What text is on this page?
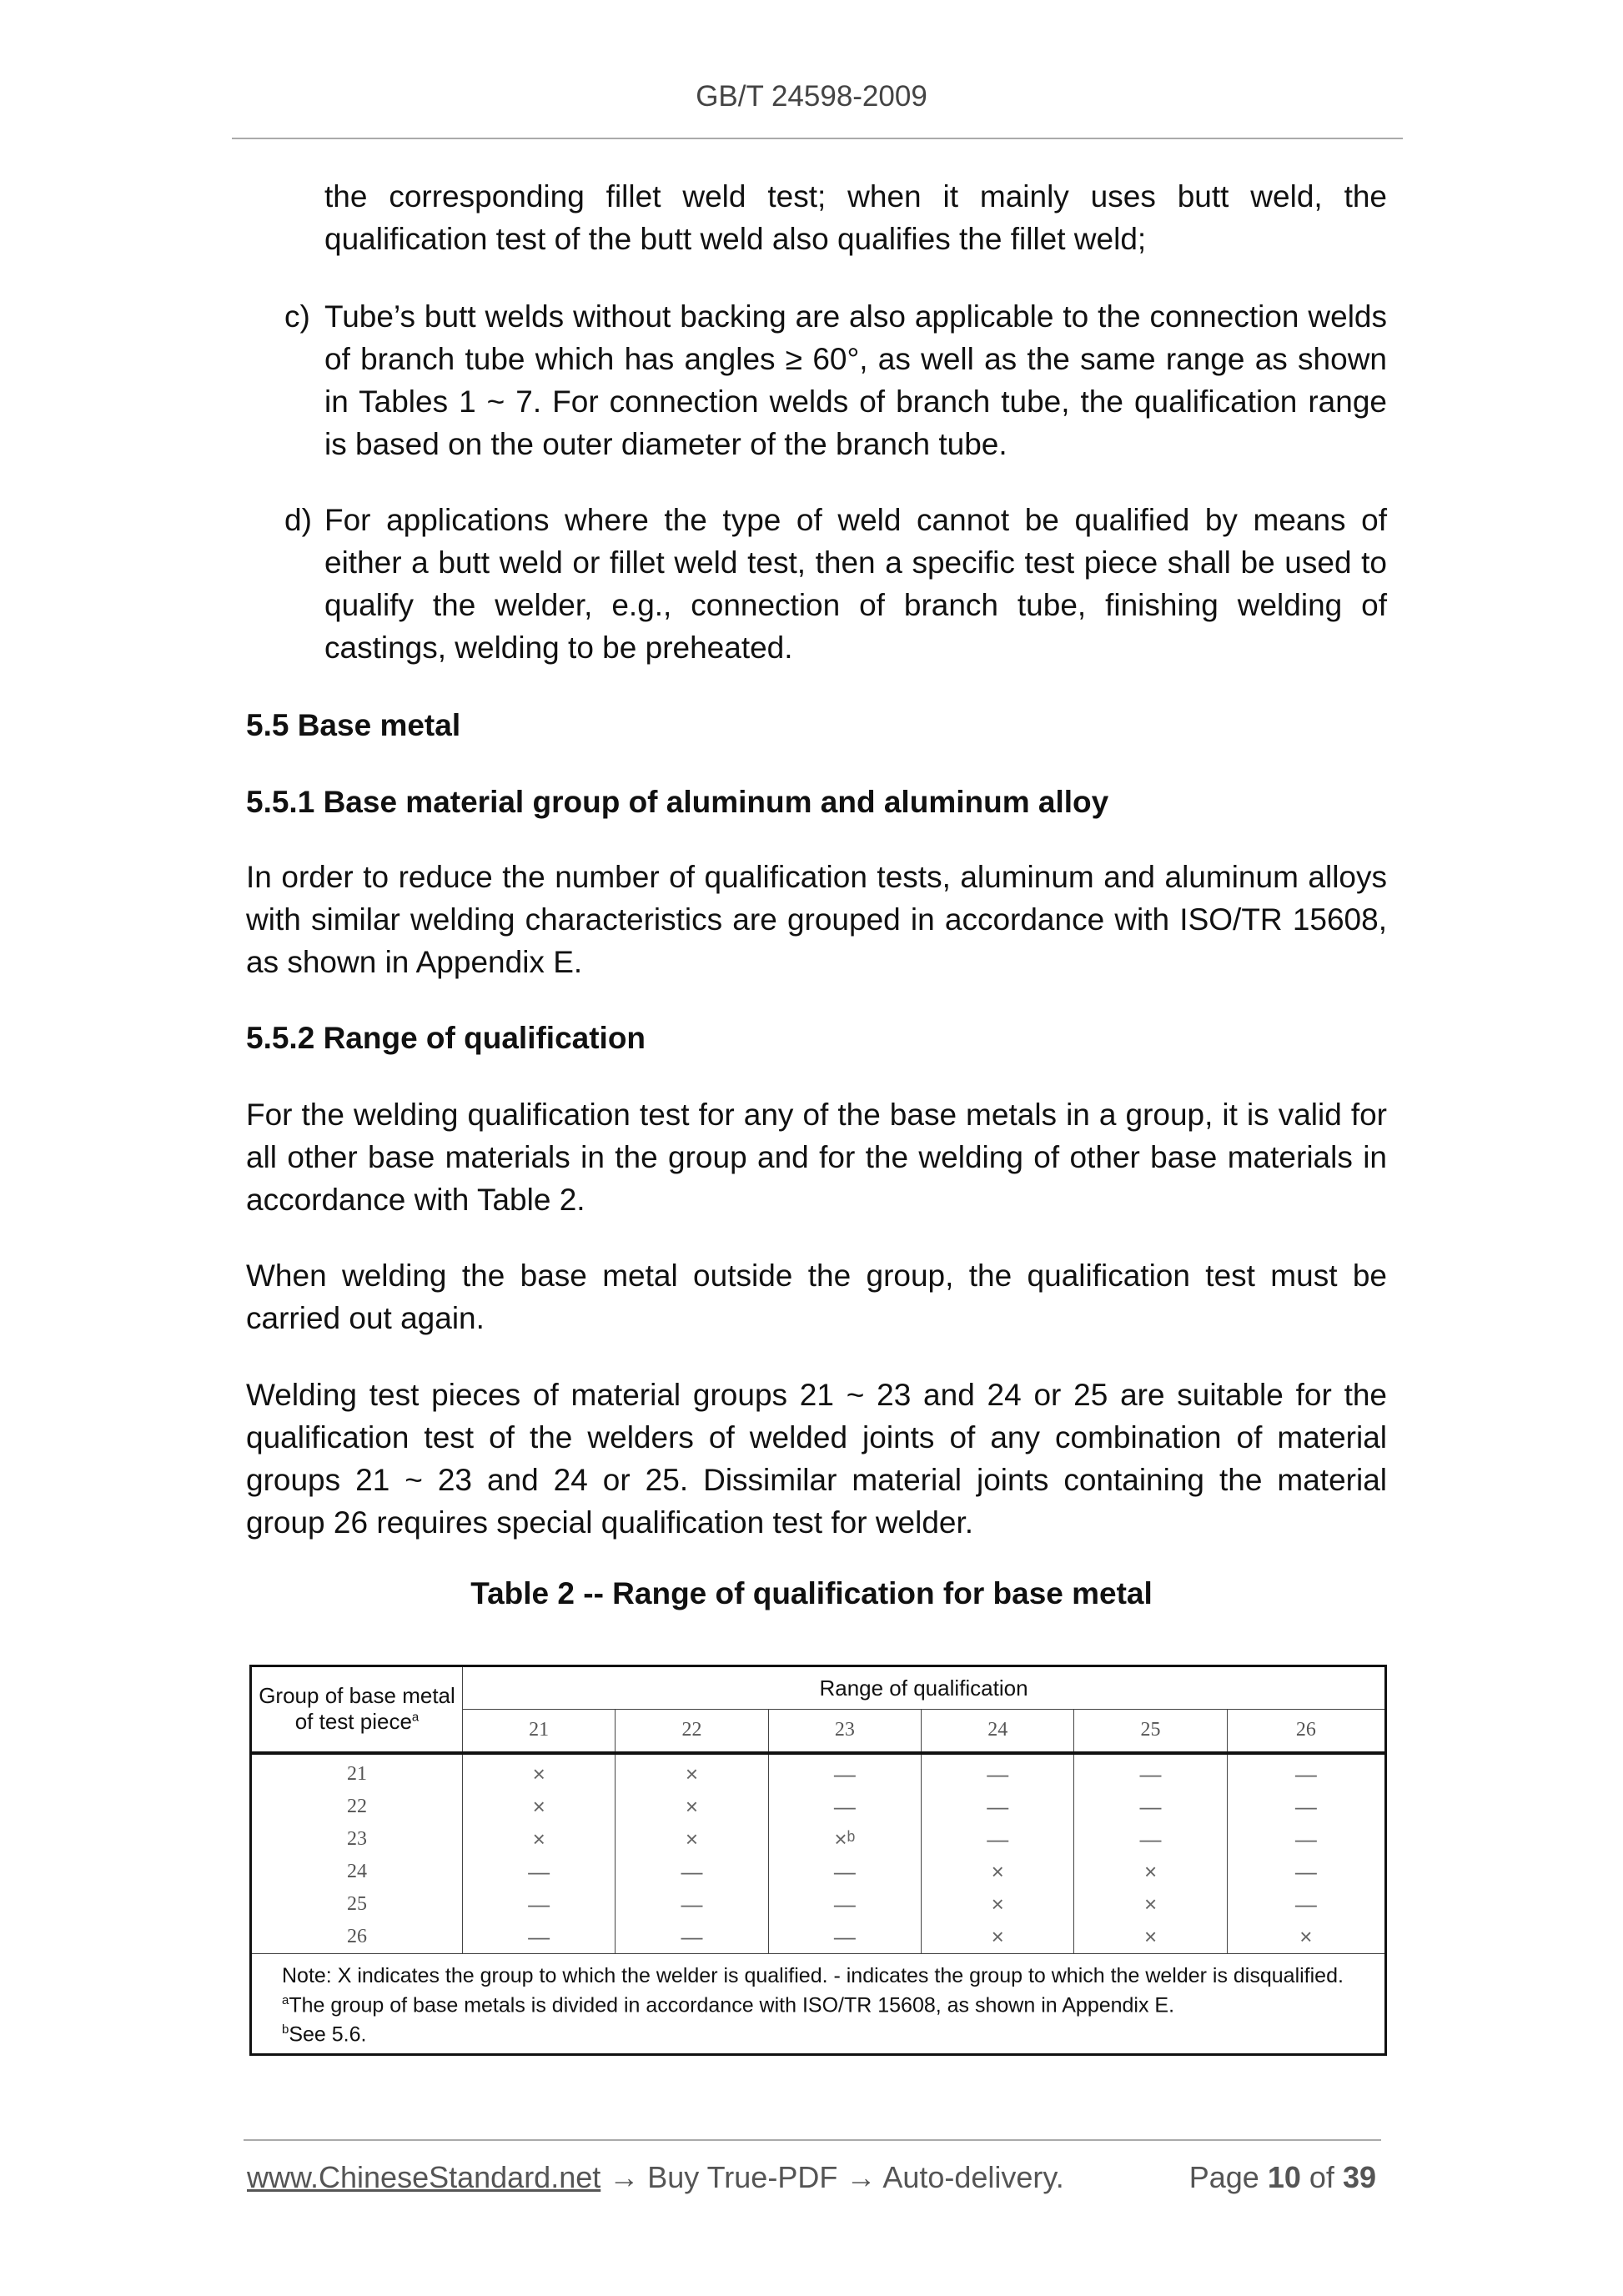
GB/T 24598-2009
the corresponding fillet weld test; when it mainly uses butt weld, the qualification test of the butt weld also qualifies the fillet weld;
c) Tube’s butt welds without backing are also applicable to the connection welds of branch tube which has angles ≥ 60°, as well as the same range as shown in Tables 1 ~ 7. For connection welds of branch tube, the qualification range is based on the outer diameter of the branch tube.
d) For applications where the type of weld cannot be qualified by means of either a butt weld or fillet weld test, then a specific test piece shall be used to qualify the welder, e.g., connection of branch tube, finishing welding of castings, welding to be preheated.
5.5 Base metal
5.5.1 Base material group of aluminum and aluminum alloy
In order to reduce the number of qualification tests, aluminum and aluminum alloys with similar welding characteristics are grouped in accordance with ISO/TR 15608, as shown in Appendix E.
5.5.2 Range of qualification
For the welding qualification test for any of the base metals in a group, it is valid for all other base materials in the group and for the welding of other base materials in accordance with Table 2.
When welding the base metal outside the group, the qualification test must be carried out again.
Welding test pieces of material groups 21 ~ 23 and 24 or 25 are suitable for the qualification test of the welders of welded joints of any combination of material groups 21 ~ 23 and 24 or 25. Dissimilar material joints containing the material group 26 requires special qualification test for welder.
Table 2 -- Range of qualification for base metal
Group of base metal of test piece$^a$	Range of qualification					
	21	22	23	24	25	26
21	×	×	—	—	—	—
22	×	×	—	—	—	—
23	×	×	×ᵇ	—	—	—
24	—	—	—	×	×	—
25	—	—	—	×	×	—
26	—	—	—	×	×	×

Note: X indicates the group to which the welder is qualified. - indicates the group to which the welder is disqualified.

$^a$The group of base metals is divided in accordance with ISO/TR 15608, as shown in Appendix E.

$^b$See 5.6.						

www.ChineseStandard.net → Buy True-PDF → Auto-delivery.	Page 10 of 39
